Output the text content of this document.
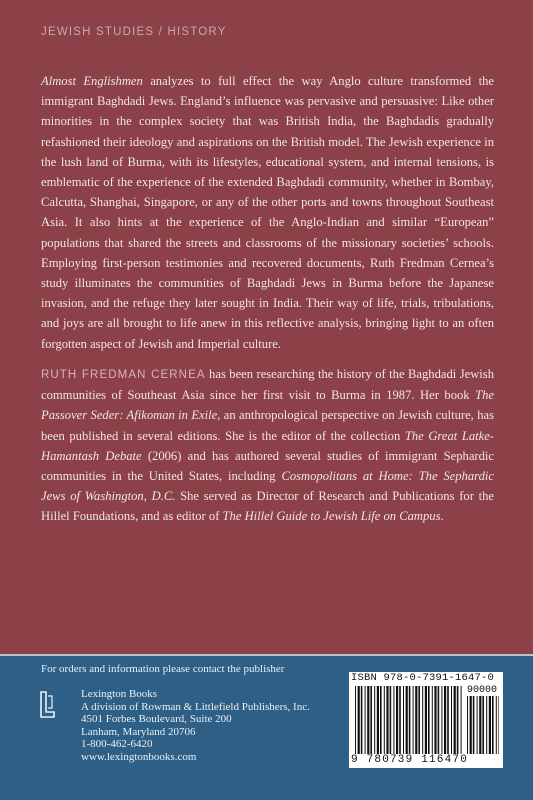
JEWISH STUDIES / HISTORY

Almost Englishmen analyzes to full effect the way Anglo culture transformed the immigrant Baghdadi Jews. England’s influence was pervasive and persuasive: Like other minorities in the complex society that was British India, the Baghdadis gradually refashioned their ideology and aspirations on the British model. The Jewish experience in the lush land of Burma, with its lifestyles, educational system, and internal tensions, is emblematic of the experience of the extended Baghdadi community, whether in Bombay, Calcutta, Shanghai, Singapore, or any of the other ports and towns throughout Southeast Asia. It also hints at the experience of the Anglo-Indian and similar “European” populations that shared the streets and classrooms of the missionary societies’ schools. Employing first-person testimonies and recovered documents, Ruth Fredman Cernea’s study illuminates the communities of Baghdadi Jews in Burma before the Japanese invasion, and the refuge they later sought in India. Their way of life, trials, tribulations, and joys are all brought to life anew in this reflective analysis, bringing light to an often forgotten aspect of Jewish and Imperial culture.

RUTH FREDMAN CERNEA has been researching the history of the Baghdadi Jewish communities of Southeast Asia since her first visit to Burma in 1987. Her book The Passover Seder: Afikoman in Exile, an anthropological perspective on Jewish culture, has been published in several editions. She is the editor of the collection The Great Latke-Hamantash Debate (2006) and has authored several studies of immigrant Sephardic communities in the United States, including Cosmopolitans at Home: The Sephardic Jews of Washington, D.C. She served as Director of Research and Publications for the Hillel Foundations, and as editor of The Hillel Guide to Jewish Life on Campus.

For orders and information please contact the publisher
Lexington Books
A division of Rowman & Littlefield Publishers, Inc.
4501 Forbes Boulevard, Suite 200
Lanham, Maryland 20706
1-800-462-6420
www.lexingtonbooks.com
ISBN 978-0-7391-1647-0
90000
9 780739 116470
